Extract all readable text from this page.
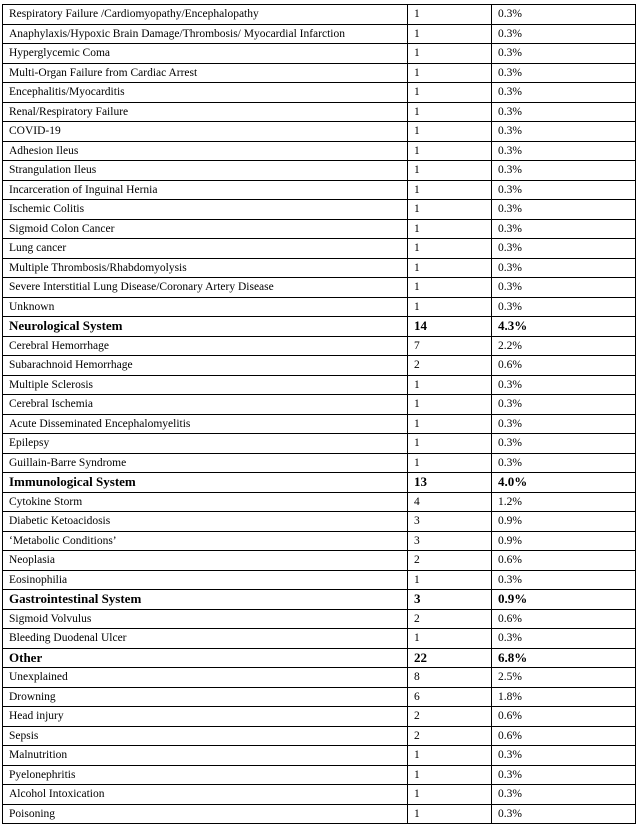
Respiratory Failure /Cardiomyopathy/Encephalopathy	1	0.3%
Anaphylaxis/Hypoxic Brain Damage/Thrombosis/ Myocardial Infarction	1	0.3%
Hyperglycemic Coma	1	0.3%
Multi-Organ Failure from Cardiac Arrest	1	0.3%
Encephalitis/Myocarditis	1	0.3%
Renal/Respiratory Failure	1	0.3%
COVID-19	1	0.3%
Adhesion Ileus	1	0.3%
Strangulation Ileus	1	0.3%
Incarceration of Inguinal Hernia	1	0.3%
Ischemic Colitis	1	0.3%
Sigmoid Colon Cancer	1	0.3%
Lung cancer	1	0.3%
Multiple Thrombosis/Rhabdomyolysis	1	0.3%
Severe Interstitial Lung Disease/Coronary Artery Disease	1	0.3%
Unknown	1	0.3%
Neurological System	14	4.3%
Cerebral Hemorrhage	7	2.2%
Subarachnoid Hemorrhage	2	0.6%
Multiple Sclerosis	1	0.3%
Cerebral Ischemia	1	0.3%
Acute Disseminated Encephalomyelitis	1	0.3%
Epilepsy	1	0.3%
Guillain-Barre Syndrome	1	0.3%
Immunological System	13	4.0%
Cytokine Storm	4	1.2%
Diabetic Ketoacidosis	3	0.9%
‘Metabolic Conditions’	3	0.9%
Neoplasia	2	0.6%
Eosinophilia	1	0.3%
Gastrointestinal System	3	0.9%
Sigmoid Volvulus	2	0.6%
Bleeding Duodenal Ulcer	1	0.3%
Other	22	6.8%
Unexplained	8	2.5%
Drowning	6	1.8%
Head injury	2	0.6%
Sepsis	2	0.6%
Malnutrition	1	0.3%
Pyelonephritis	1	0.3%
Alcohol Intoxication	1	0.3%
Poisoning	1	0.3%
